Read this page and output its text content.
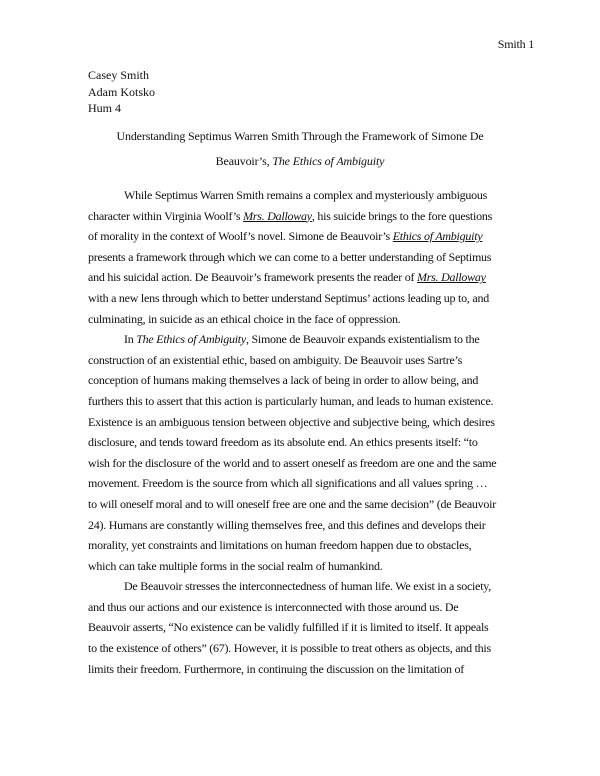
Smith 1
Casey Smith
Adam Kotsko
Hum 4
Understanding Septimus Warren Smith Through the Framework of Simone De
Beauvoir’s, The Ethics of Ambiguity
While Septimus Warren Smith remains a complex and mysteriously ambiguous
character within Virginia Woolf’s Mrs. Dalloway, his suicide brings to the fore questions
of morality in the context of Woolf’s novel. Simone de Beauvoir’s Ethics of Ambiguity
presents a framework through which we can come to a better understanding of Septimus
and his suicidal action. De Beauvoir’s framework presents the reader of Mrs. Dalloway
with a new lens through which to better understand Septimus’ actions leading up to, and
culminating, in suicide as an ethical choice in the face of oppression.
In The Ethics of Ambiguity, Simone de Beauvoir expands existentialism to the
construction of an existential ethic, based on ambiguity. De Beauvoir uses Sartre’s
conception of humans making themselves a lack of being in order to allow being, and
furthers this to assert that this action is particularly human, and leads to human existence.
Existence is an ambiguous tension between objective and subjective being, which desires
disclosure, and tends toward freedom as its absolute end. An ethics presents itself: “to
wish for the disclosure of the world and to assert oneself as freedom are one and the same
movement. Freedom is the source from which all significations and all values spring …
to will oneself moral and to will oneself free are one and the same decision” (de Beauvoir
24). Humans are constantly willing themselves free, and this defines and develops their
morality, yet constraints and limitations on human freedom happen due to obstacles,
which can take multiple forms in the social realm of humankind.
De Beauvoir stresses the interconnectedness of human life. We exist in a society,
and thus our actions and our existence is interconnected with those around us. De
Beauvoir asserts, “No existence can be validly fulfilled if it is limited to itself. It appeals
to the existence of others” (67). However, it is possible to treat others as objects, and this
limits their freedom. Furthermore, in continuing the discussion on the limitation of
